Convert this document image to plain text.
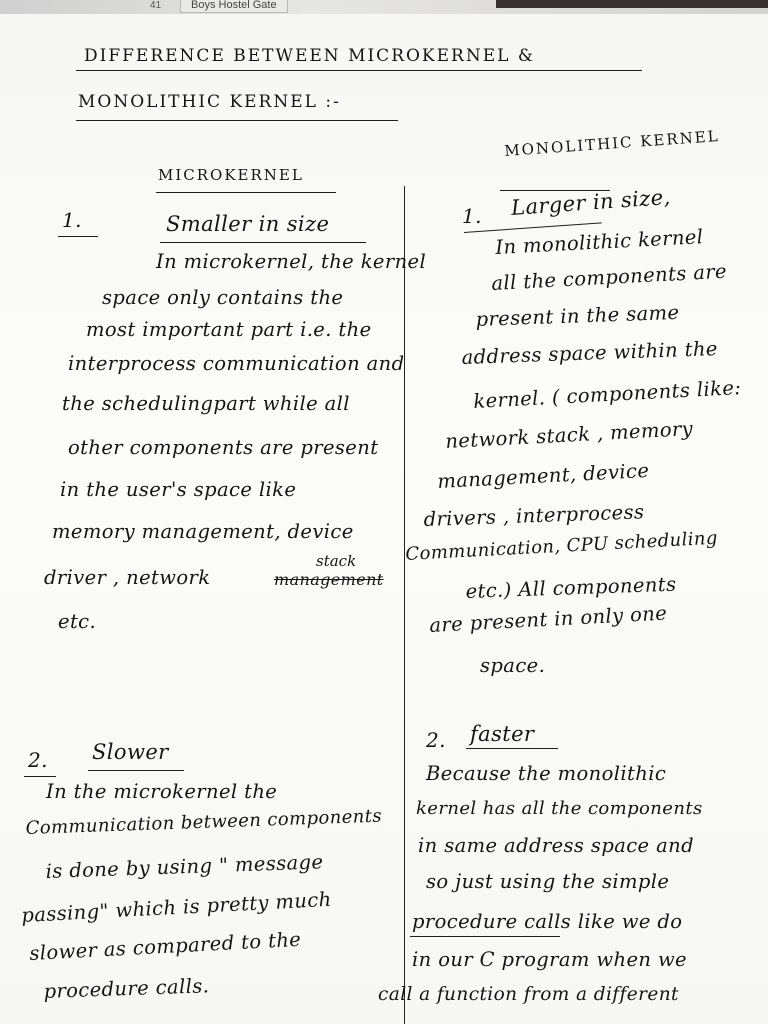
41	Boys Hostel Gate
DIFFERENCE BETWEEN MICROKERNEL &
MONOLITHIC KERNEL :-
MICROKERNEL
MONOLITHIC KERNEL
1.	Smaller in size
In microkernel, the kernel
space only contains the
most important part i.e. the
interprocess communication and
the schedulingpart while all
other components are present
in the user's space like
memory management, device
driver , network	management
stack
etc.
1. Larger in size,
In monolithic kernel
all the components are
present in the same
address space within the
kernel. ( components like:
network stack , memory
management, device
drivers , interprocess
Communication, CPU scheduling
etc.) All components
are present in only one
space.
2. Slower
In the microkernel the
Communication between components
is done by using " message
passing" which is pretty much
slower as compared to the
procedure calls.
2. faster
Because the monolithic
kernel has all the components
in same address space and
so just using the simple
procedure calls like we do
in our C program when we
call a function from a different
